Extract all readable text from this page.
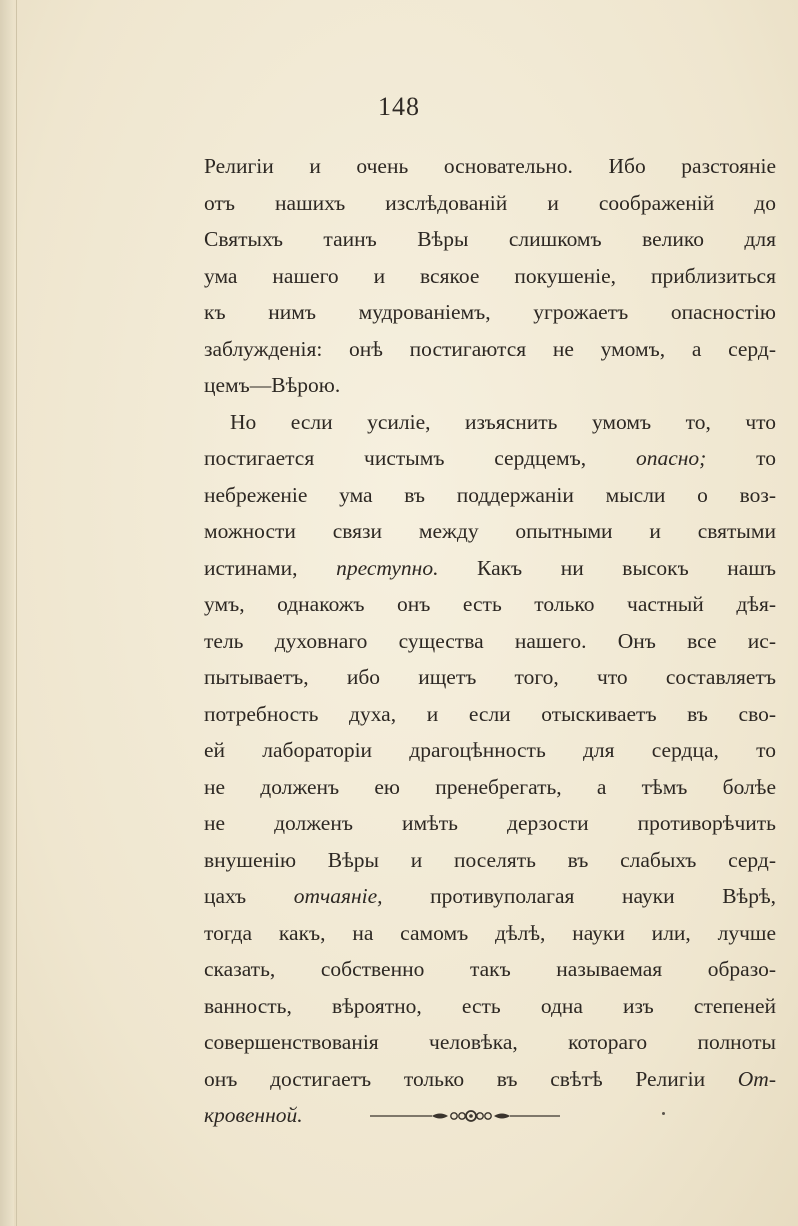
148

Религіи и очень основательно. Ибо разстояніе
отъ нашихъ изслѣдованій и соображеній до
Святыхъ таинъ Вѣры слишкомъ велико для
ума нашего и всякое покушеніе, приблизиться
къ нимъ мудрованіемъ, угрожаетъ опасностію
заблужденія: онѣ постигаются не умомъ, а серд-
цемъ—Вѣрою.

Но если усиліе, изъяснить умомъ то, что
постигается чистымъ сердцемъ, опасно; то
небреженіе ума въ поддержаніи мысли о воз-
можности связи между опытными и святыми
истинами, преступно. Какъ ни высокъ нашъ
умъ, однакожъ онъ есть только частный дѣя-
тель духовнаго существа нашего. Онъ все ис-
пытываетъ, ибо ищетъ того, что составляетъ
потребность духа, и если отыскиваетъ въ сво-
ей лабораторіи драгоцѣнность для сердца, то
не долженъ ею пренебрегать, а тѣмъ болѣе
не долженъ имѣть дерзости противорѣчить
внушенію Вѣры и поселять въ слабыхъ серд-
цахъ отчаяніе, противуполагая науки Вѣрѣ,
тогда какъ, на самомъ дѣлѣ, науки или, лучше
сказать, собственно такъ называемая образо-
ванность, вѣроятно, есть одна изъ степеней
совершенствованія человѣка, котораго полноты
онъ достигаетъ только въ свѣтѣ Религіи От-
кровенной.
